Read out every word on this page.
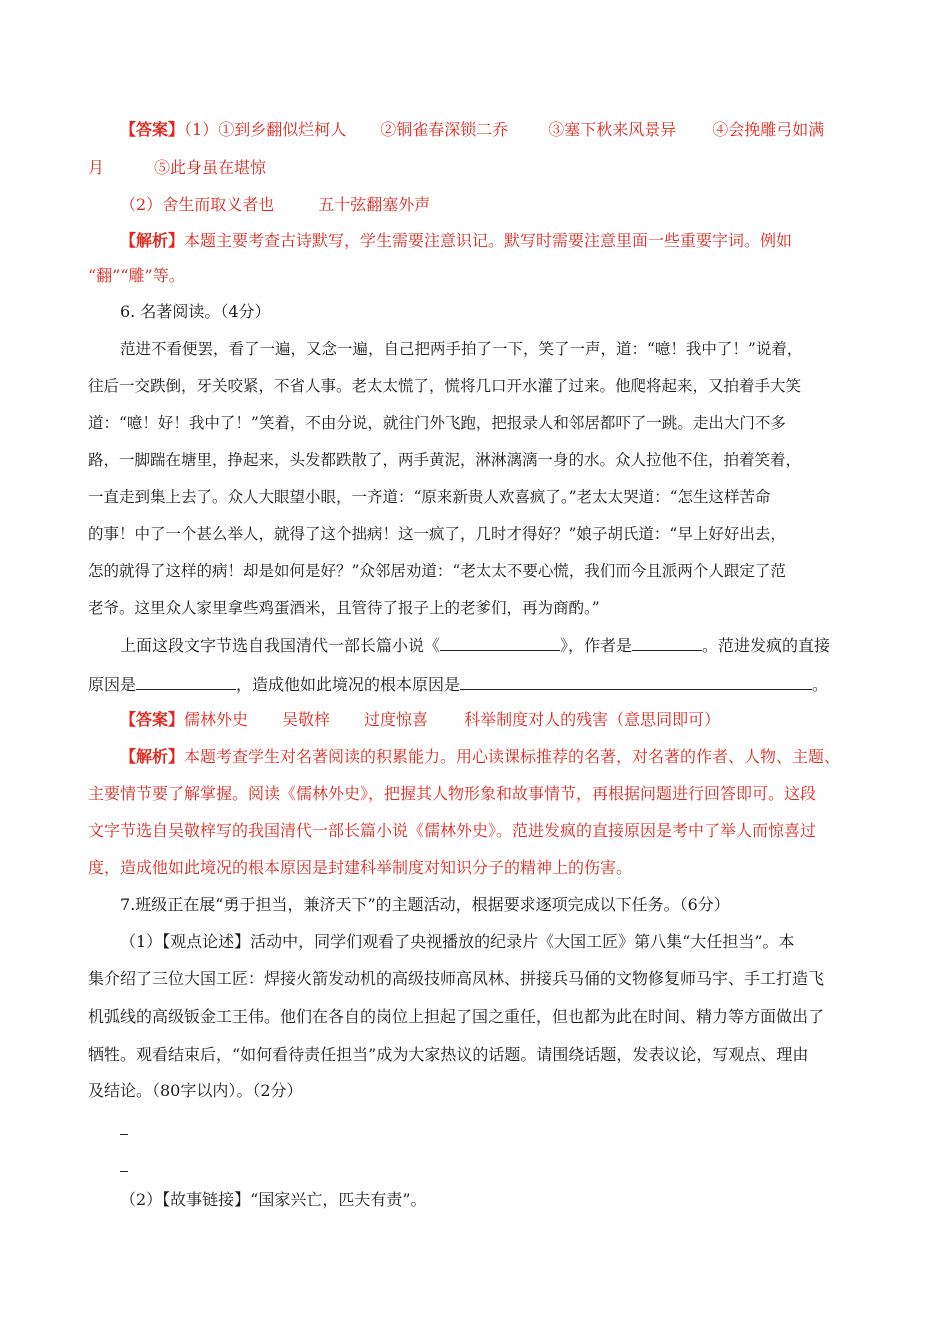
【答案】（1）①到乡翻似烂柯人 ②铜雀春深锁二乔	③塞下秋来风景异 ④会挽雕弓如满
月	⑤此身虽在堪惊
（2）舍生而取义者也	五十弦翻塞外声
【解析】本题主要考查古诗默写，学生需要注意识记。默写时需要注意里面一些重要字词。例如
“翻”“雕”等。
6. 名著阅读。（4分）
范进不看便罢，看了一遍，又念一遍，自己把两手拍了一下，笑了一声，道：“噫！我中了！”说着，
往后一交跌倒，牙关咬紧，不省人事。老太太慌了，慌将几口开水灌了过来。他爬将起来，又拍着手大笑
道：“噫！好！我中了！”笑着，不由分说，就往门外飞跑，把报录人和邻居都吓了一跳。走出大门不多
路，一脚踹在塘里，挣起来，头发都跌散了，两手黄泥，淋淋漓漓一身的水。众人拉他不住，拍着笑着，
一直走到集上去了。众人大眼望小眼，一齐道：“原来新贵人欢喜疯了。”老太太哭道：“怎生这样苦命
的事！中了一个甚么举人，就得了这个拙病！这一疯了，几时才得好？”娘子胡氏道：“早上好好出去，
怎的就得了这样的病！却是如何是好？”众邻居劝道：“老太太不要心慌，我们而今且派两个人跟定了范
老爷。这里众人家里拿些鸡蛋酒米，且管待了报子上的老爹们，再为商酌。”
上面这段文字节选自我国清代一部长篇小说《	》，作者是	。范进发疯的直接
原因是	，造成他如此境况的根本原因是	。
【答案】儒林外史 吴敬梓 过度惊喜 科举制度对人的残害（意思同即可）
【解析】本题考查学生对名著阅读的积累能力。用心读课标推荐的名著，对名著的作者、人物、主题、
主要情节要了解掌握。阅读《儒林外史》，把握其人物形象和故事情节，再根据问题进行回答即可。这段
文字节选自吴敬梓写的我国清代一部长篇小说《儒林外史》。范进发疯的直接原因是考中了举人而惊喜过
度，造成他如此境况的根本原因是封建科举制度对知识分子的精神上的伤害。
7.班级正在展“勇于担当，兼济天下”的主题活动，根据要求逐项完成以下任务。（6分）
（1）【观点论述】活动中，同学们观看了央视播放的纪录片《大国工匠》第八集“大任担当”。本
集介绍了三位大国工匠：焊接火箭发动机的高级技师高凤林、拼接兵马俑的文物修复师马宇、手工打造飞
机弧线的高级钣金工王伟。他们在各自的岗位上担起了国之重任，但也都为此在时间、精力等方面做出了
牺牲。观看结束后，“如何看待责任担当”成为大家热议的话题。请围绕话题，发表议论，写观点、理由
及结论。（80字以内）。（2分）
（2）【故事链接】“国家兴亡，匹夫有责”。
